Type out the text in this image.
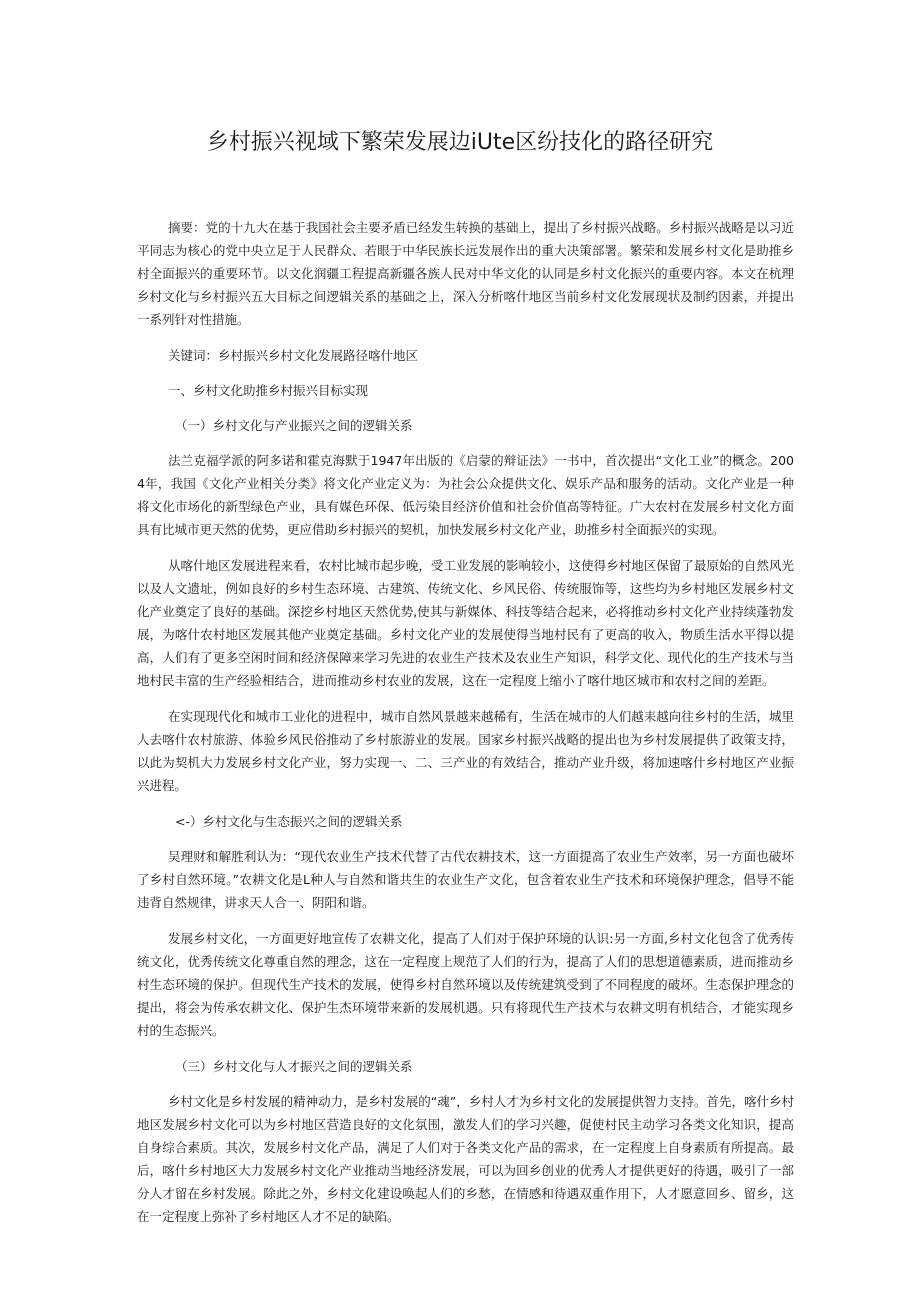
乡村振兴视域下繁荣发展边iUte区纷技化的路径研究

摘要：党的十九大在基于我国社会主要矛盾已经发生转换的基础上，提出了乡村振兴战略。乡村振兴战略是以习近平同志为核心的党中央立足于人民群众、若眼于中华民族长远发展作出的重大决策部署。繁荣和发展乡村文化是助推乡村全面振兴的重要环节。以文化润疆工程提高新疆各族人民对中华文化的认同是乡村文化振兴的重要内容。本文在杭理乡村文化与乡村振兴五大目标之间逻辑关系的基础之上，深入分析喀什地区当前乡村文化发展现状及制约因素，并提出一系列针对性措施。

关键词：乡村振兴乡村文化发展路径喀什地区

一、乡村文化助推乡村振兴目标实现

（一）乡村文化与产业振兴之间的逻辑关系

法兰克福学派的阿多诺和霍克海默于1947年出版的《启蒙的辩证法》一书中，首次提出“文化工业”的概念。2004年，我国《文化产业相关分类》将文化产业定义为：为社会公众提供文化、娱乐产品和服务的活动。文化产业是一种将文化市场化的新型绿色产业，具有媒色环保、低污染目经济价值和社会价值高等特征。广大农村在发展乡村文化方面具有比城市更天然的优势，更应借助乡村振兴的契机，加快发展乡村文化产业，助推乡村全面振兴的实现。

从喀什地区发展进程来看，农村比城市起步晚，受工业发展的影响较小，这使得乡村地区保留了最原始的自然风光以及人文遗址，例如良好的乡村生态环境、古建筑、传统文化、乡风民俗、传统服饰等，这些均为乡村地区发展乡村文化产业奠定了良好的基础。深挖乡村地区天然优势,使其与新媒体、科技等结合起来，必将推动乡村文化产业持续蓬勃发展，为喀什农村地区发展其他产业奠定基础。乡村文化产业的发展使得当地村民有了更高的收入，物质生活水平得以提高，人们有了更多空闲时间和经济保障来学习先进的农业生产技术及农业生产知识，科学文化、现代化的生产技术与当地村民丰富的生产经验相结合，进而推动乡村农业的发展，这在一定程度上缩小了喀什地区城市和农村之间的差距。

在实现现代化和城市工业化的进程中，城市自然风景越来越稀有，生活在城市的人们越耒越向往乡村的生活，城里人去喀什农村旅游、体验乡风民俗推动了乡村旅游业的发展。国家乡村振兴战略的提出也为乡村发展提供了政策支持，以此为契机大力发展乡村文化产业，努力实现一、二、三产业的有效结合，推动产业升级，将加速喀什乡村地区产业振兴进程。

<-）乡村文化与生态振兴之间的逻辑关系

吴理财和解胜利认为：“现代农业生产技术代替了古代农耕技术，这一方面提高了农业生产效率，另一方面也破坏了乡村自然环境。”农耕文化是L种人与自然和谐共生的农业生产文化，包含着农业生产技术和环境保护理念，倡导不能违背自然规律，讲求天人合一、阴阳和谐。

发展乡村文化，一方面更好地宣传了农耕文化，提高了人们对于保护环境的认识:另一方面,乡村文化包含了优秀传统文化，优秀传统文化尊重自然的理念，这在一定程度上规范了人们的行为，提高了人们的思想道德素质，进而推动乡村生态环境的保护。但现代生产技术的发展，使得乡村自然环境以及传统建筑受到了不同程度的破坏。生态保护理念的提出，将会为传承农耕文化、保护生杰环境带来新的发展机遇。只有将现代生产技术与农耕文明有机结合，才能实现乡村的生态振兴。

（三）乡村文化与人才振兴之间的逻辑关系

乡村文化是乡村发展的精神动力，是乡村发展的“魂”，乡村人才为乡村文化的发展提供智力支持。首先，喀什乡村地区发展乡村文化可以为乡村地区营造良好的文化氛围，激发人们的学习兴趣，促使村民主动学习各类文化知识，提高自身综合素质。其次，发展乡村文化产品，满足了人们对于各类文化产品的需求，在一定程度上自身素质有所提高。最后，喀什乡村地区大力发展乡村文化产业推动当地经济发展，可以为回乡创业的优秀人才提供更好的待遇，吸引了一部分人才留在乡村发展。除此之外，乡村文化建设唤起人们的乡愁，在情感和待遇双重作用下，人才愿意回乡、留乡，这在一定程度上弥补了乡村地区人才不足的缺陷。
